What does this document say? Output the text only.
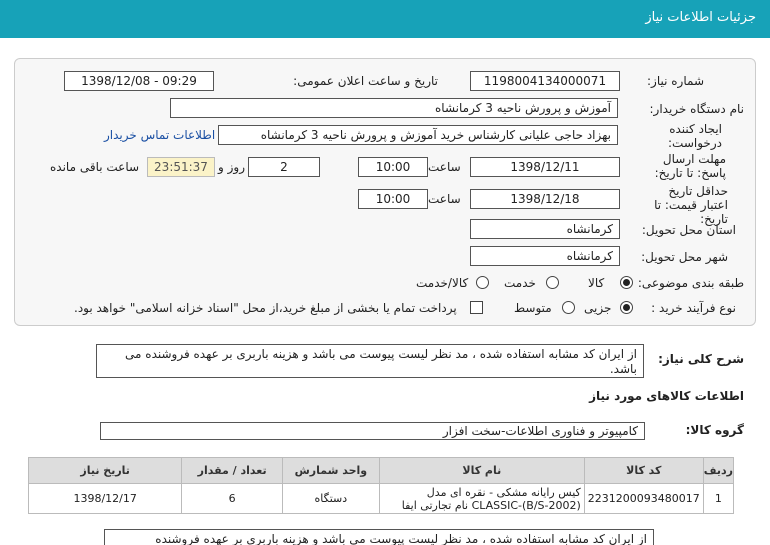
جزئیات اطلاعات نیاز
شماره نیاز:
1198004134000071
تاریخ و ساعت اعلان عمومی:
1398/12/08 - 09:29
نام دستگاه خریدار:
آموزش و پرورش ناحیه 3 کرمانشاه
ایجاد کننده درخواست:
بهزاد حاجی علیانی کارشناس خرید آموزش و پرورش ناحیه 3 کرمانشاه
اطلاعات تماس خریدار
مهلت ارسال پاسخ: تا تاریخ:
1398/12/11
ساعت
10:00
2
روز و
23:51:37
ساعت باقی مانده
حداقل تاریخ اعتبار قیمت: تا تاریخ:
1398/12/18
ساعت
10:00
استان محل تحویل:
کرمانشاه
شهر محل تحویل:
کرمانشاه
طبقه بندی موضوعی:
کالا
خدمت
کالا/خدمت
نوع فرآیند خرید :
جزیی
متوسط
پرداخت تمام یا بخشی از مبلغ خرید،از محل "اسناد خزانه اسلامی" خواهد بود.
شرح کلی نیاز:
از ایران کد مشابه استفاده شده ، مد نظر لیست پیوست می باشد و هزینه باربری بر عهده فروشنده می باشد.
اطلاعات کالاهای مورد نیاز
گروه کالا:
کامپیوتر و فناوری اطلاعات-سخت افزار
ردیف	کد کالا	نام کالا	واحد شمارش	تعداد / مقدار	تاریخ نیاز
1	2231200093480017	کیس رایانه مشکی - نقره ای مدل CLASSIC-(B/S-2002) نام تجارتی ایفا	دستگاه	6	1398/12/17
از ایران کد مشابه استفاده شده ، مد نظر لیست پیوست می باشد و هزینه باربری بر عهده فروشنده
